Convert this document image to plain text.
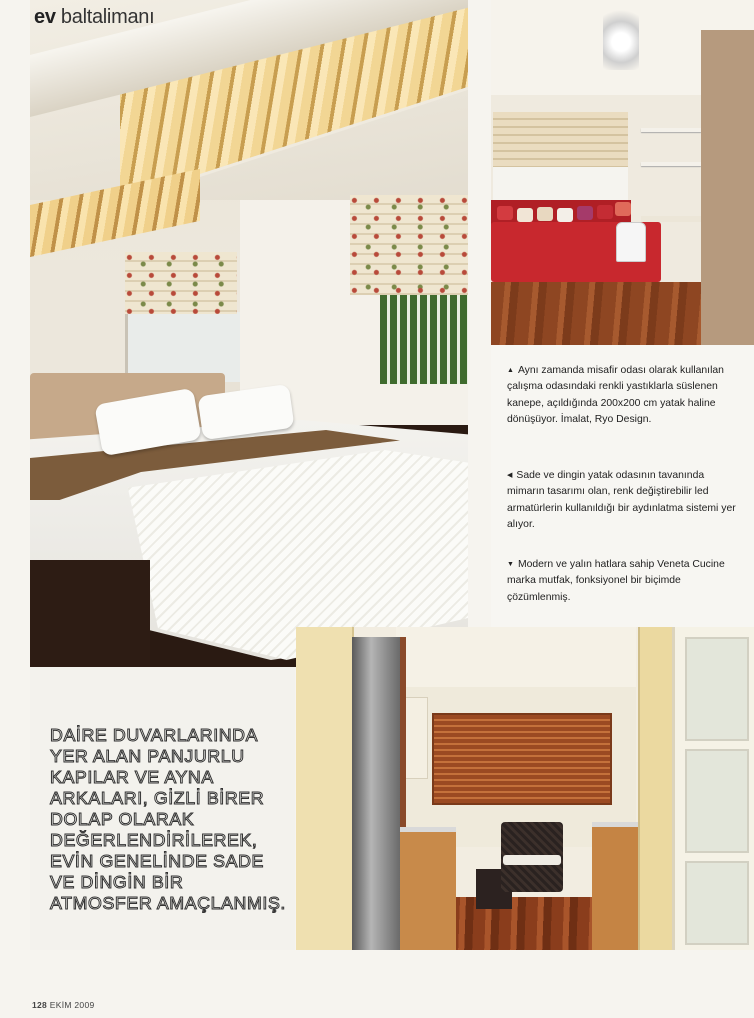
ev baltalimanı
▲ Aynı zamanda misafir odası olarak kullanılan çalışma odasındaki renkli yastıklarla süslenen kanepe, açıldığında 200x200 cm yatak haline dönüşüyor. İmalat, Ryo Design.
◀ Sade ve dingin yatak odasının tavanında mimarın tasarımı olan, renk değiştirebilir led armatürlerin kullanıldığı bir aydınlatma sistemi yer alıyor.
▼ Modern ve yalın hatlara sahip Veneta Cucine marka mutfak, fonksiyonel bir biçimde çözümlenmiş.
DAİRE DUVARLARINDA YER ALAN PANJURLU KAPILAR VE AYNA ARKALARI, GİZLİ BİRER DOLAP OLARAK DEĞERLENDİRİLEREK, EVİN GENELİNDE SADE VE DİNGİN BİR ATMOSFER AMAÇLANMIŞ.
128 EKİM 2009
